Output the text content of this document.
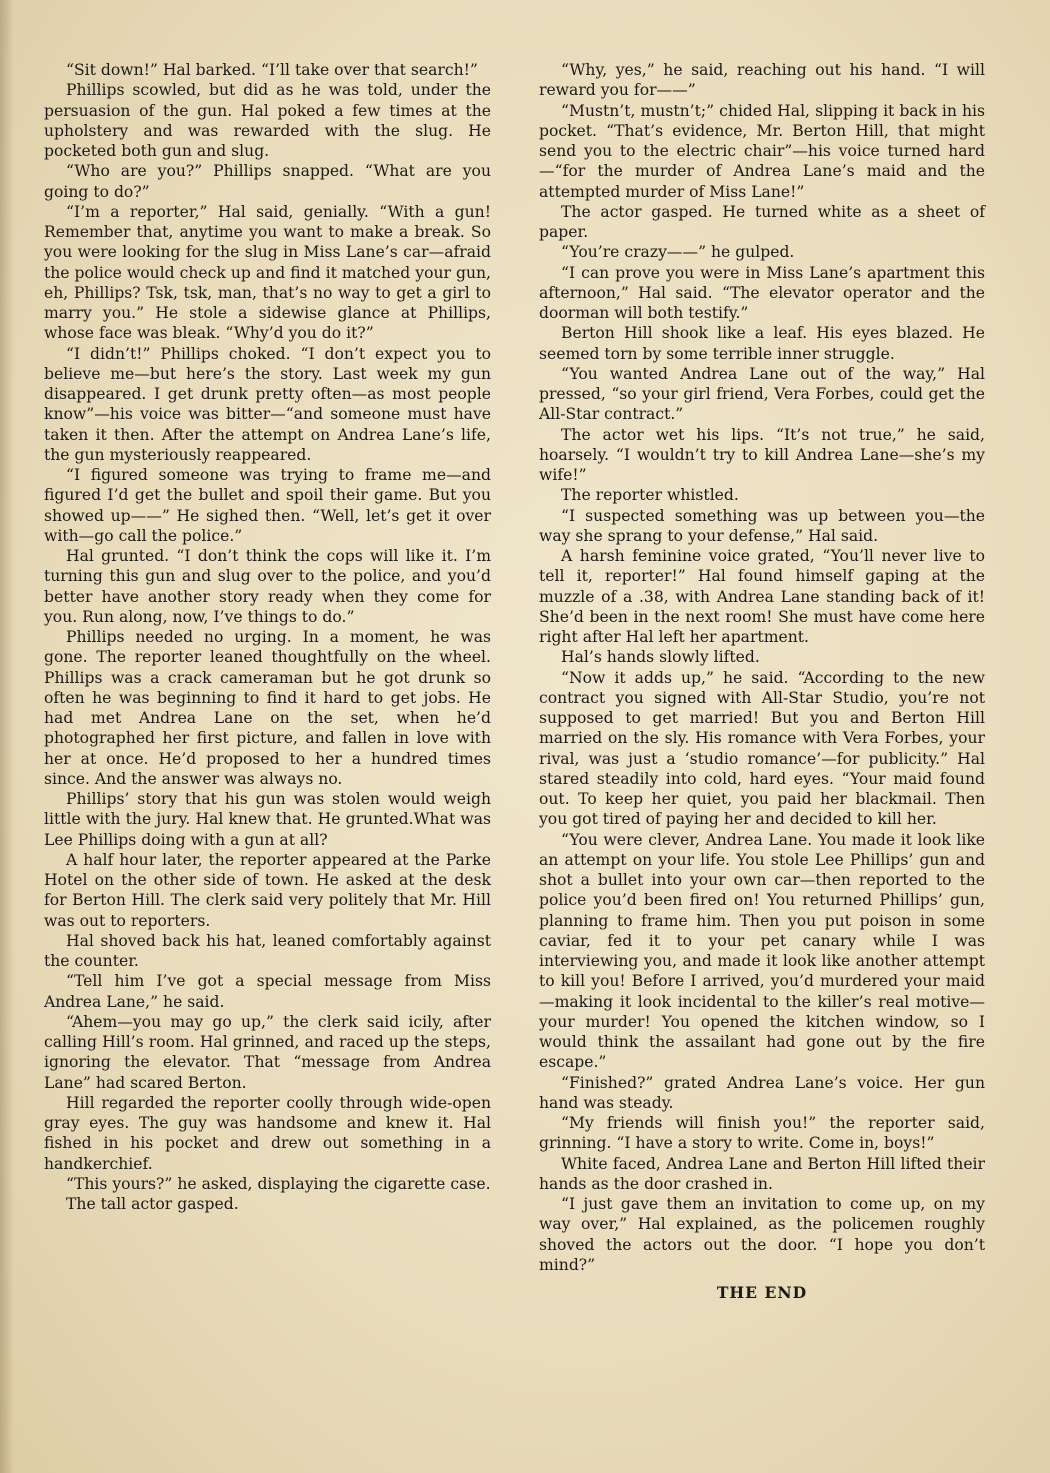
“Sit down!” Hal barked. “I’ll take over that search!”

Phillips scowled, but did as he was told, under the persuasion of the gun. Hal poked a few times at the upholstery and was rewarded with the slug. He pocketed both gun and slug.

“Who are you?” Phillips snapped. “What are you going to do?”

“I’m a reporter,” Hal said, genially. “With a gun! Remember that, anytime you want to make a break. So you were looking for the slug in Miss Lane’s car—afraid the police would check up and find it matched your gun, eh, Phillips? Tsk, tsk, man, that’s no way to get a girl to marry you.” He stole a sidewise glance at Phillips, whose face was bleak. “Why’d you do it?”

“I didn’t!” Phillips choked. “I don’t expect you to believe me—but here’s the story. Last week my gun disappeared. I get drunk pretty often—as most people know”—his voice was bitter—“and someone must have taken it then. After the attempt on Andrea Lane’s life, the gun mysteriously reappeared.

“I figured someone was trying to frame me—and figured I’d get the bullet and spoil their game. But you showed up——” He sighed then. “Well, let’s get it over with—go call the police.”

Hal grunted. “I don’t think the cops will like it. I’m turning this gun and slug over to the police, and you’d better have another story ready when they come for you. Run along, now, I’ve things to do.”

Phillips needed no urging. In a moment, he was gone. The reporter leaned thoughtfully on the wheel. Phillips was a crack cameraman but he got drunk so often he was beginning to find it hard to get jobs. He had met Andrea Lane on the set, when he’d photographed her first picture, and fallen in love with her at once. He’d proposed to her a hundred times since. And the answer was always no.

Phillips’ story that his gun was stolen would weigh little with the jury. Hal knew that. He grunted.What was Lee Phillips doing with a gun at all?

A half hour later, the reporter appeared at the Parke Hotel on the other side of town. He asked at the desk for Berton Hill. The clerk said very politely that Mr. Hill was out to reporters.

Hal shoved back his hat, leaned comfortably against the counter.

“Tell him I’ve got a special message from Miss Andrea Lane,” he said.

“Ahem—you may go up,” the clerk said icily, after calling Hill’s room. Hal grinned, and raced up the steps, ignoring the elevator. That “message from Andrea Lane” had scared Berton.

Hill regarded the reporter coolly through wide-open gray eyes. The guy was handsome and knew it. Hal fished in his pocket and drew out something in a handkerchief.

“This yours?” he asked, displaying the cigarette case.

The tall actor gasped.

“Why, yes,” he said, reaching out his hand. “I will reward you for——”

“Mustn’t, mustn’t;” chided Hal, slipping it back in his pocket. “That’s evidence, Mr. Berton Hill, that might send you to the electric chair”—his voice turned hard—“for the murder of Andrea Lane’s maid and the attempted murder of Miss Lane!”

The actor gasped. He turned white as a sheet of paper.

“You’re crazy——” he gulped.

“I can prove you were in Miss Lane’s apartment this afternoon,” Hal said. “The elevator operator and the doorman will both testify.”

Berton Hill shook like a leaf. His eyes blazed. He seemed torn by some terrible inner struggle.

“You wanted Andrea Lane out of the way,” Hal pressed, “so your girl friend, Vera Forbes, could get the All-Star contract.”

The actor wet his lips. “It’s not true,” he said, hoarsely. “I wouldn’t try to kill Andrea Lane—she’s my wife!”

The reporter whistled.

“I suspected something was up between you—the way she sprang to your defense,” Hal said.

A harsh feminine voice grated, “You’ll never live to tell it, reporter!” Hal found himself gaping at the muzzle of a .38, with Andrea Lane standing back of it! She’d been in the next room! She must have come here right after Hal left her apartment.

Hal’s hands slowly lifted.

“Now it adds up,” he said. “According to the new contract you signed with All-Star Studio, you’re not supposed to get married! But you and Berton Hill married on the sly. His romance with Vera Forbes, your rival, was just a ‘studio romance’—for publicity.” Hal stared steadily into cold, hard eyes. “Your maid found out. To keep her quiet, you paid her blackmail. Then you got tired of paying her and decided to kill her.

“You were clever, Andrea Lane. You made it look like an attempt on your life. You stole Lee Phillips’ gun and shot a bullet into your own car—then reported to the police you’d been fired on! You returned Phillips’ gun, planning to frame him. Then you put poison in some caviar, fed it to your pet canary while I was interviewing you, and made it look like another attempt to kill you! Before I arrived, you’d murdered your maid—making it look incidental to the killer’s real motive—your murder! You opened the kitchen window, so I would think the assailant had gone out by the fire escape.”

“Finished?” grated Andrea Lane’s voice. Her gun hand was steady.

“My friends will finish you!” the reporter said, grinning. “I have a story to write. Come in, boys!”

White faced, Andrea Lane and Berton Hill lifted their hands as the door crashed in.

“I just gave them an invitation to come up, on my way over,” Hal explained, as the policemen roughly shoved the actors out the door. “I hope you don’t mind?”

THE END
